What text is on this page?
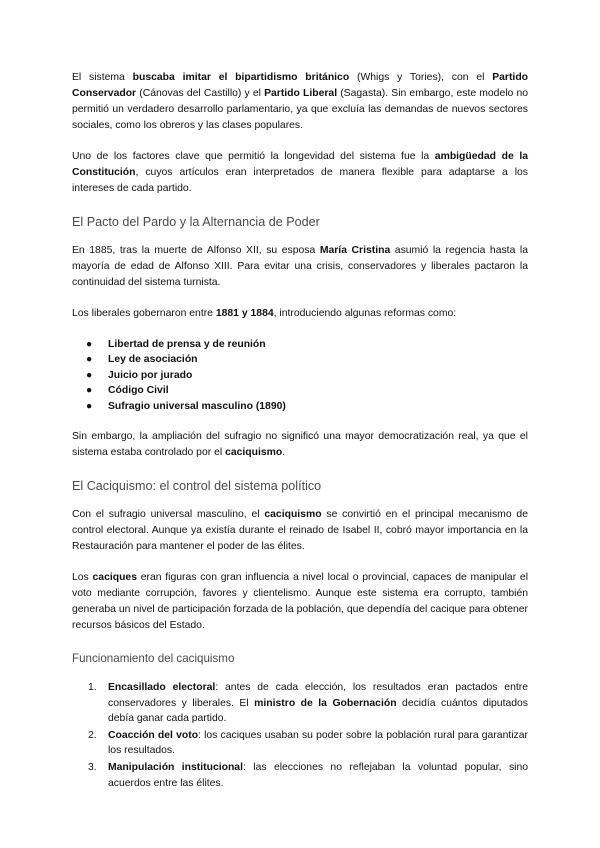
El sistema buscaba imitar el bipartidismo británico (Whigs y Tories), con el Partido Conservador (Cánovas del Castillo) y el Partido Liberal (Sagasta). Sin embargo, este modelo no permitió un verdadero desarrollo parlamentario, ya que excluía las demandas de nuevos sectores sociales, como los obreros y las clases populares.

Uno de los factores clave que permitió la longevidad del sistema fue la ambigüedad de la Constitución, cuyos artículos eran interpretados de manera flexible para adaptarse a los intereses de cada partido.

El Pacto del Pardo y la Alternancia de Poder

En 1885, tras la muerte de Alfonso XII, su esposa María Cristina asumió la regencia hasta la mayoría de edad de Alfonso XIII. Para evitar una crisis, conservadores y liberales pactaron la continuidad del sistema turnista.

Los liberales gobernaron entre 1881 y 1884, introduciendo algunas reformas como:

● Libertad de prensa y de reunión
● Ley de asociación
● Juicio por jurado
● Código Civil
● Sufragio universal masculino (1890)

Sin embargo, la ampliación del sufragio no significó una mayor democratización real, ya que el sistema estaba controlado por el caciquismo.

El Caciquismo: el control del sistema político

Con el sufragio universal masculino, el caciquismo se convirtió en el principal mecanismo de control electoral. Aunque ya existía durante el reinado de Isabel II, cobró mayor importancia en la Restauración para mantener el poder de las élites.

Los caciques eran figuras con gran influencia a nivel local o provincial, capaces de manipular el voto mediante corrupción, favores y clientelismo. Aunque este sistema era corrupto, también generaba un nivel de participación forzada de la población, que dependía del cacique para obtener recursos básicos del Estado.

Funcionamiento del caciquismo
1. Encasillado electoral: antes de cada elección, los resultados eran pactados entre conservadores y liberales. El ministro de la Gobernación decidía cuántos diputados debía ganar cada partido.
2. Coacción del voto: los caciques usaban su poder sobre la población rural para garantizar los resultados.
3. Manipulación institucional: las elecciones no reflejaban la voluntad popular, sino acuerdos entre las élites.
